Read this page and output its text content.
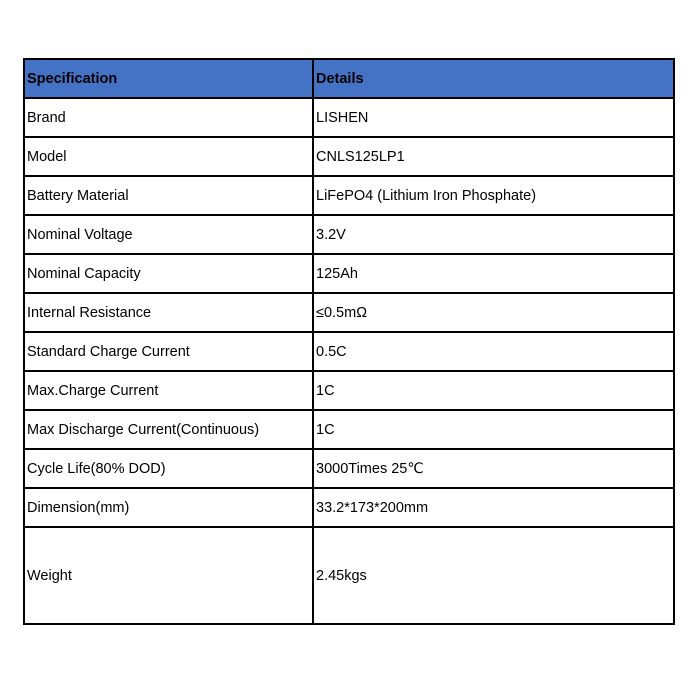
Specification	Details
Brand	LISHEN
Model	CNLS125LP1
Battery Material	LiFePO4 (Lithium Iron Phosphate)
Nominal Voltage	3.2V
Nominal Capacity	125Ah
Internal Resistance	≤0.5mΩ
Standard Charge Current	0.5C
Max.Charge Current	1C
Max Discharge Current(Continuous)	1C
Cycle Life(80% DOD)	3000Times 25℃
Dimension(mm)	33.2*173*200mm
Weight	2.45kgs
